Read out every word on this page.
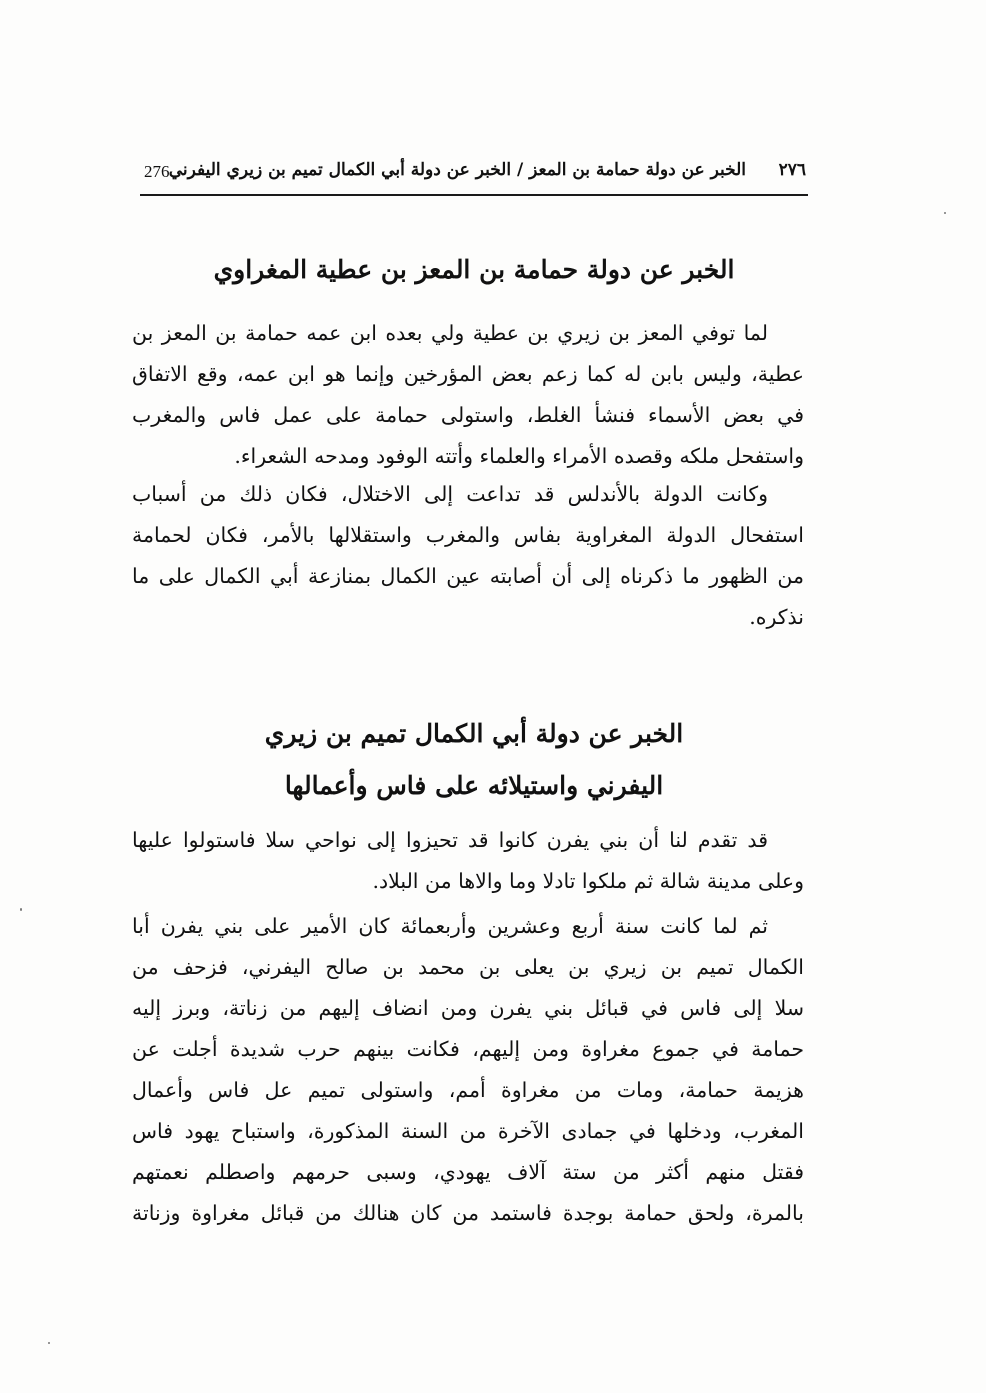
276 الخبر عن دولة حمامة بن المعز / الخبر عن دولة أبي الكمال تميم بن زيري اليفرني ٢٧٦
الخبر عن دولة حمامة بن المعز بن عطية المغراوي
لما توفي المعز بن زيري بن عطية ولي بعده ابن عمه حمامة بن المعز بن
عطية، وليس بابن له كما زعم بعض المؤرخين وإنما هو ابن عمه، وقع الاتفاق
في بعض الأسماء فنشأ الغلط، واستولى حمامة على عمل فاس والمغرب
واستفحل ملكه وقصده الأمراء والعلماء وأتته الوفود ومدحه الشعراء.
وكانت الدولة بالأندلس قد تداعت إلى الاختلال، فكان ذلك من أسباب
استفحال الدولة المغراوية بفاس والمغرب واستقلالها بالأمر، فكان لحمامة
من الظهور ما ذكرناه إلى أن أصابته عين الكمال بمنازعة أبي الكمال على ما
نذكره.
الخبر عن دولة أبي الكمال تميم بن زيري
اليفرني واستيلائه على فاس وأعمالها
قد تقدم لنا أن بني يفرن كانوا قد تحيزوا إلى نواحي سلا فاستولوا عليها
وعلى مدينة شالة ثم ملكوا تادلا وما والاها من البلاد.
ثم لما كانت سنة أربع وعشرين وأربعمائة كان الأمير على بني يفرن أبا
الكمال تميم بن زيري بن يعلى بن محمد بن صالح اليفرني، فزحف من
سلا إلى فاس في قبائل بني يفرن ومن انضاف إليهم من زناتة، وبرز إليه
حمامة في جموع مغراوة ومن إليهم، فكانت بينهم حرب شديدة أجلت عن
هزيمة حمامة، ومات من مغراوة أمم، واستولى تميم عل فاس وأعمال
المغرب، ودخلها في جمادى الآخرة من السنة المذكورة، واستباح يهود فاس
فقتل منهم أكثر من ستة آلاف يهودي، وسبى حرمهم واصطلم نعمتهم
بالمرة، ولحق حمامة بوجدة فاستمد من كان هنالك من قبائل مغراوة وزناتة
